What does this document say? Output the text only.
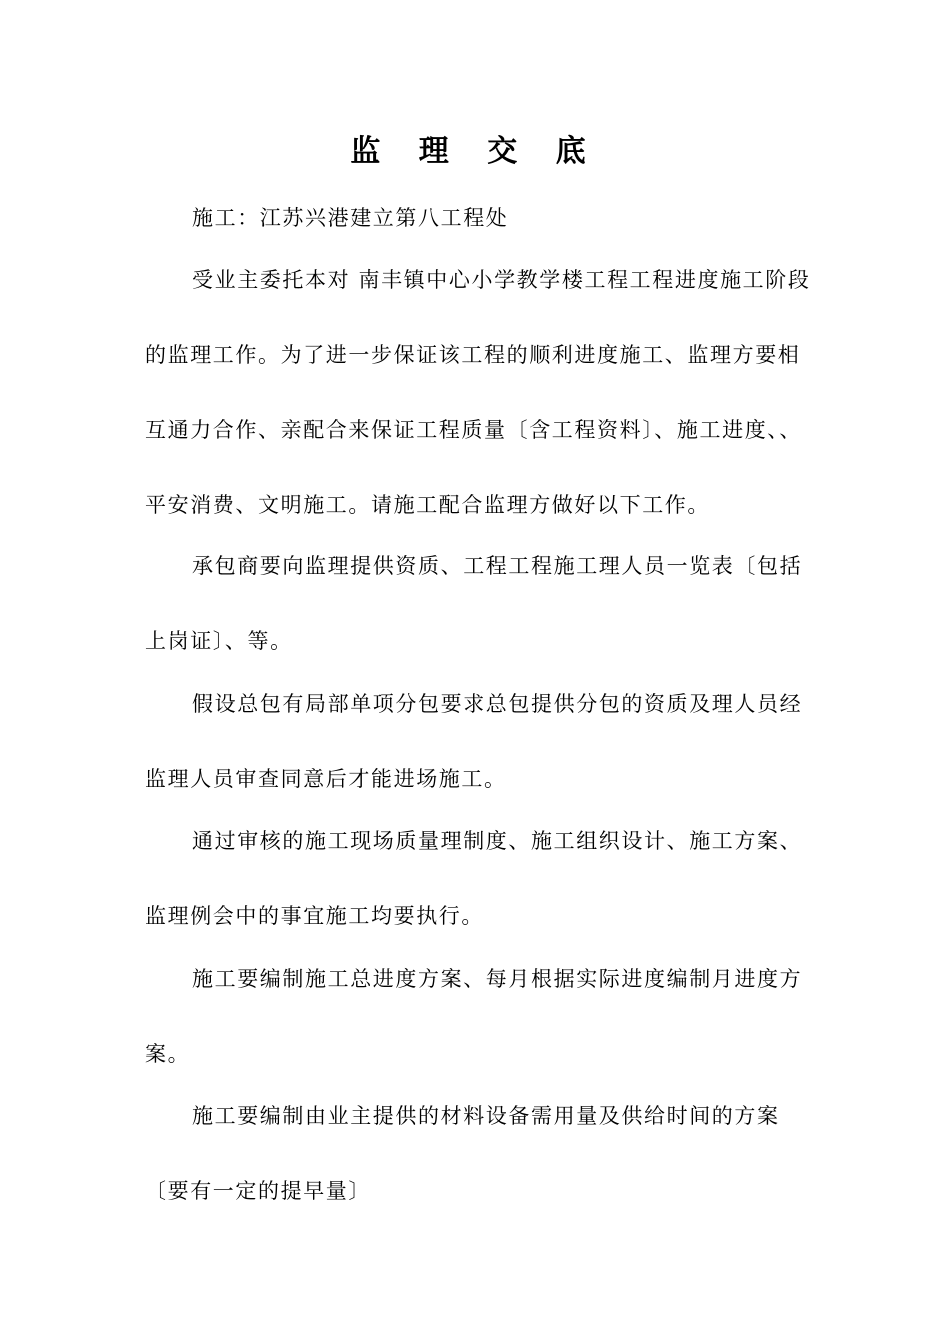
监 理 交 底

施工：江苏兴港建立第八工程处

受业主委托本对 南丰镇中心小学教学楼工程工程进度施工阶段

的监理工作。为了进一步保证该工程的顺利进度施工、监理方要相

互通力合作、亲配合来保证工程质量〔含工程资料〕、施工进度、、

平安消费、文明施工。请施工配合监理方做好以下工作。

承包商要向监理提供资质、工程工程施工理人员一览表〔包括

上岗证〕、等。

假设总包有局部单项分包要求总包提供分包的资质及理人员经

监理人员审查同意后才能进场施工。

通过审核的施工现场质量理制度、施工组织设计、施工方案、

监理例会中的事宜施工均要执行。

施工要编制施工总进度方案、每月根据实际进度编制月进度方

案。

施工要编制由业主提供的材料设备需用量及供给时间的方案

〔要有一定的提早量〕
